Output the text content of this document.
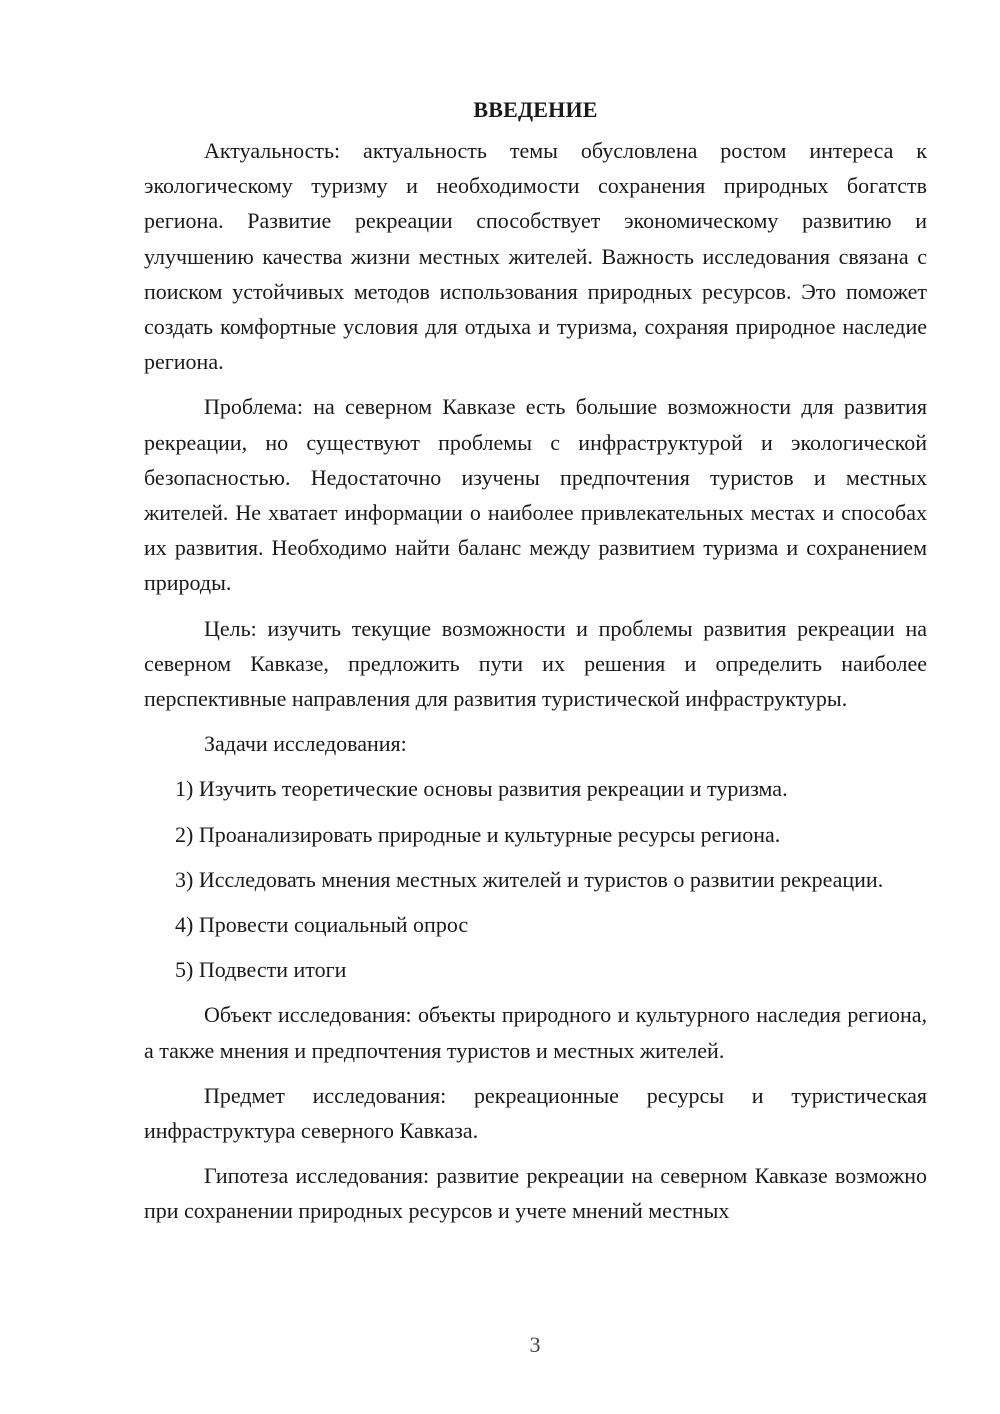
ВВЕДЕНИЕ

Актуальность: актуальность темы обусловлена ростом интереса к экологическому туризму и необходимости сохранения природных богатств региона. Развитие рекреации способствует экономическому развитию и улучшению качества жизни местных жителей. Важность исследования связана с поиском устойчивых методов использования природных ресурсов. Это поможет создать комфортные условия для отдыха и туризма, сохраняя природное наследие региона.

Проблема: на северном Кавказе есть большие возможности для развития рекреации, но существуют проблемы с инфраструктурой и экологической безопасностью. Недостаточно изучены предпочтения туристов и местных жителей. Не хватает информации о наиболее привлекательных местах и способах их развития. Необходимо найти баланс между развитием туризма и сохранением природы.

Цель: изучить текущие возможности и проблемы развития рекреации на северном Кавказе, предложить пути их решения и определить наиболее перспективные направления для развития туристической инфраструктуры.

Задачи исследования:

1) Изучить теоретические основы развития рекреации и туризма.

2) Проанализировать природные и культурные ресурсы региона.

3) Исследовать мнения местных жителей и туристов о развитии рекреации.

4) Провести социальный опрос

5) Подвести итоги

Объект исследования: объекты природного и культурного наследия региона, а также мнения и предпочтения туристов и местных жителей.

Предмет исследования: рекреационные ресурсы и туристическая инфраструктура северного Кавказа.

Гипотеза исследования: развитие рекреации на северном Кавказе возможно при сохранении природных ресурсов и учете мнений местных

3
